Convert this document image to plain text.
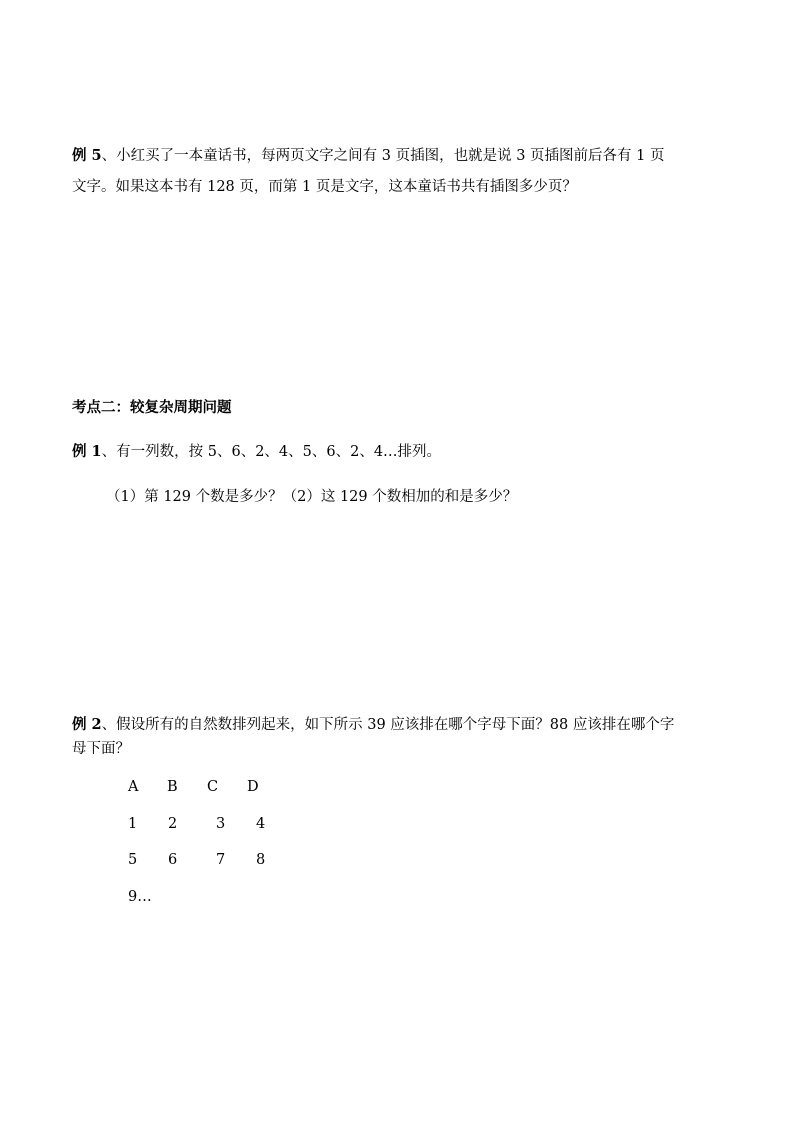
例 5、小红买了一本童话书，每两页文字之间有 3 页插图，也就是说 3 页插图前后各有 1 页
文字。如果这本书有 128 页，而第 1 页是文字，这本童话书共有插图多少页？
考点二：较复杂周期问题
例 1、有一列数，按 5、6、2、4、5、6、2、4…排列。
（1）第 129 个数是多少？（2）这 129 个数相加的和是多少？
例 2、假设所有的自然数排列起来，如下所示 39 应该排在哪个字母下面？88 应该排在哪个字
母下面？
A B C D
1 2	3 4
5 6	7 8
9…
